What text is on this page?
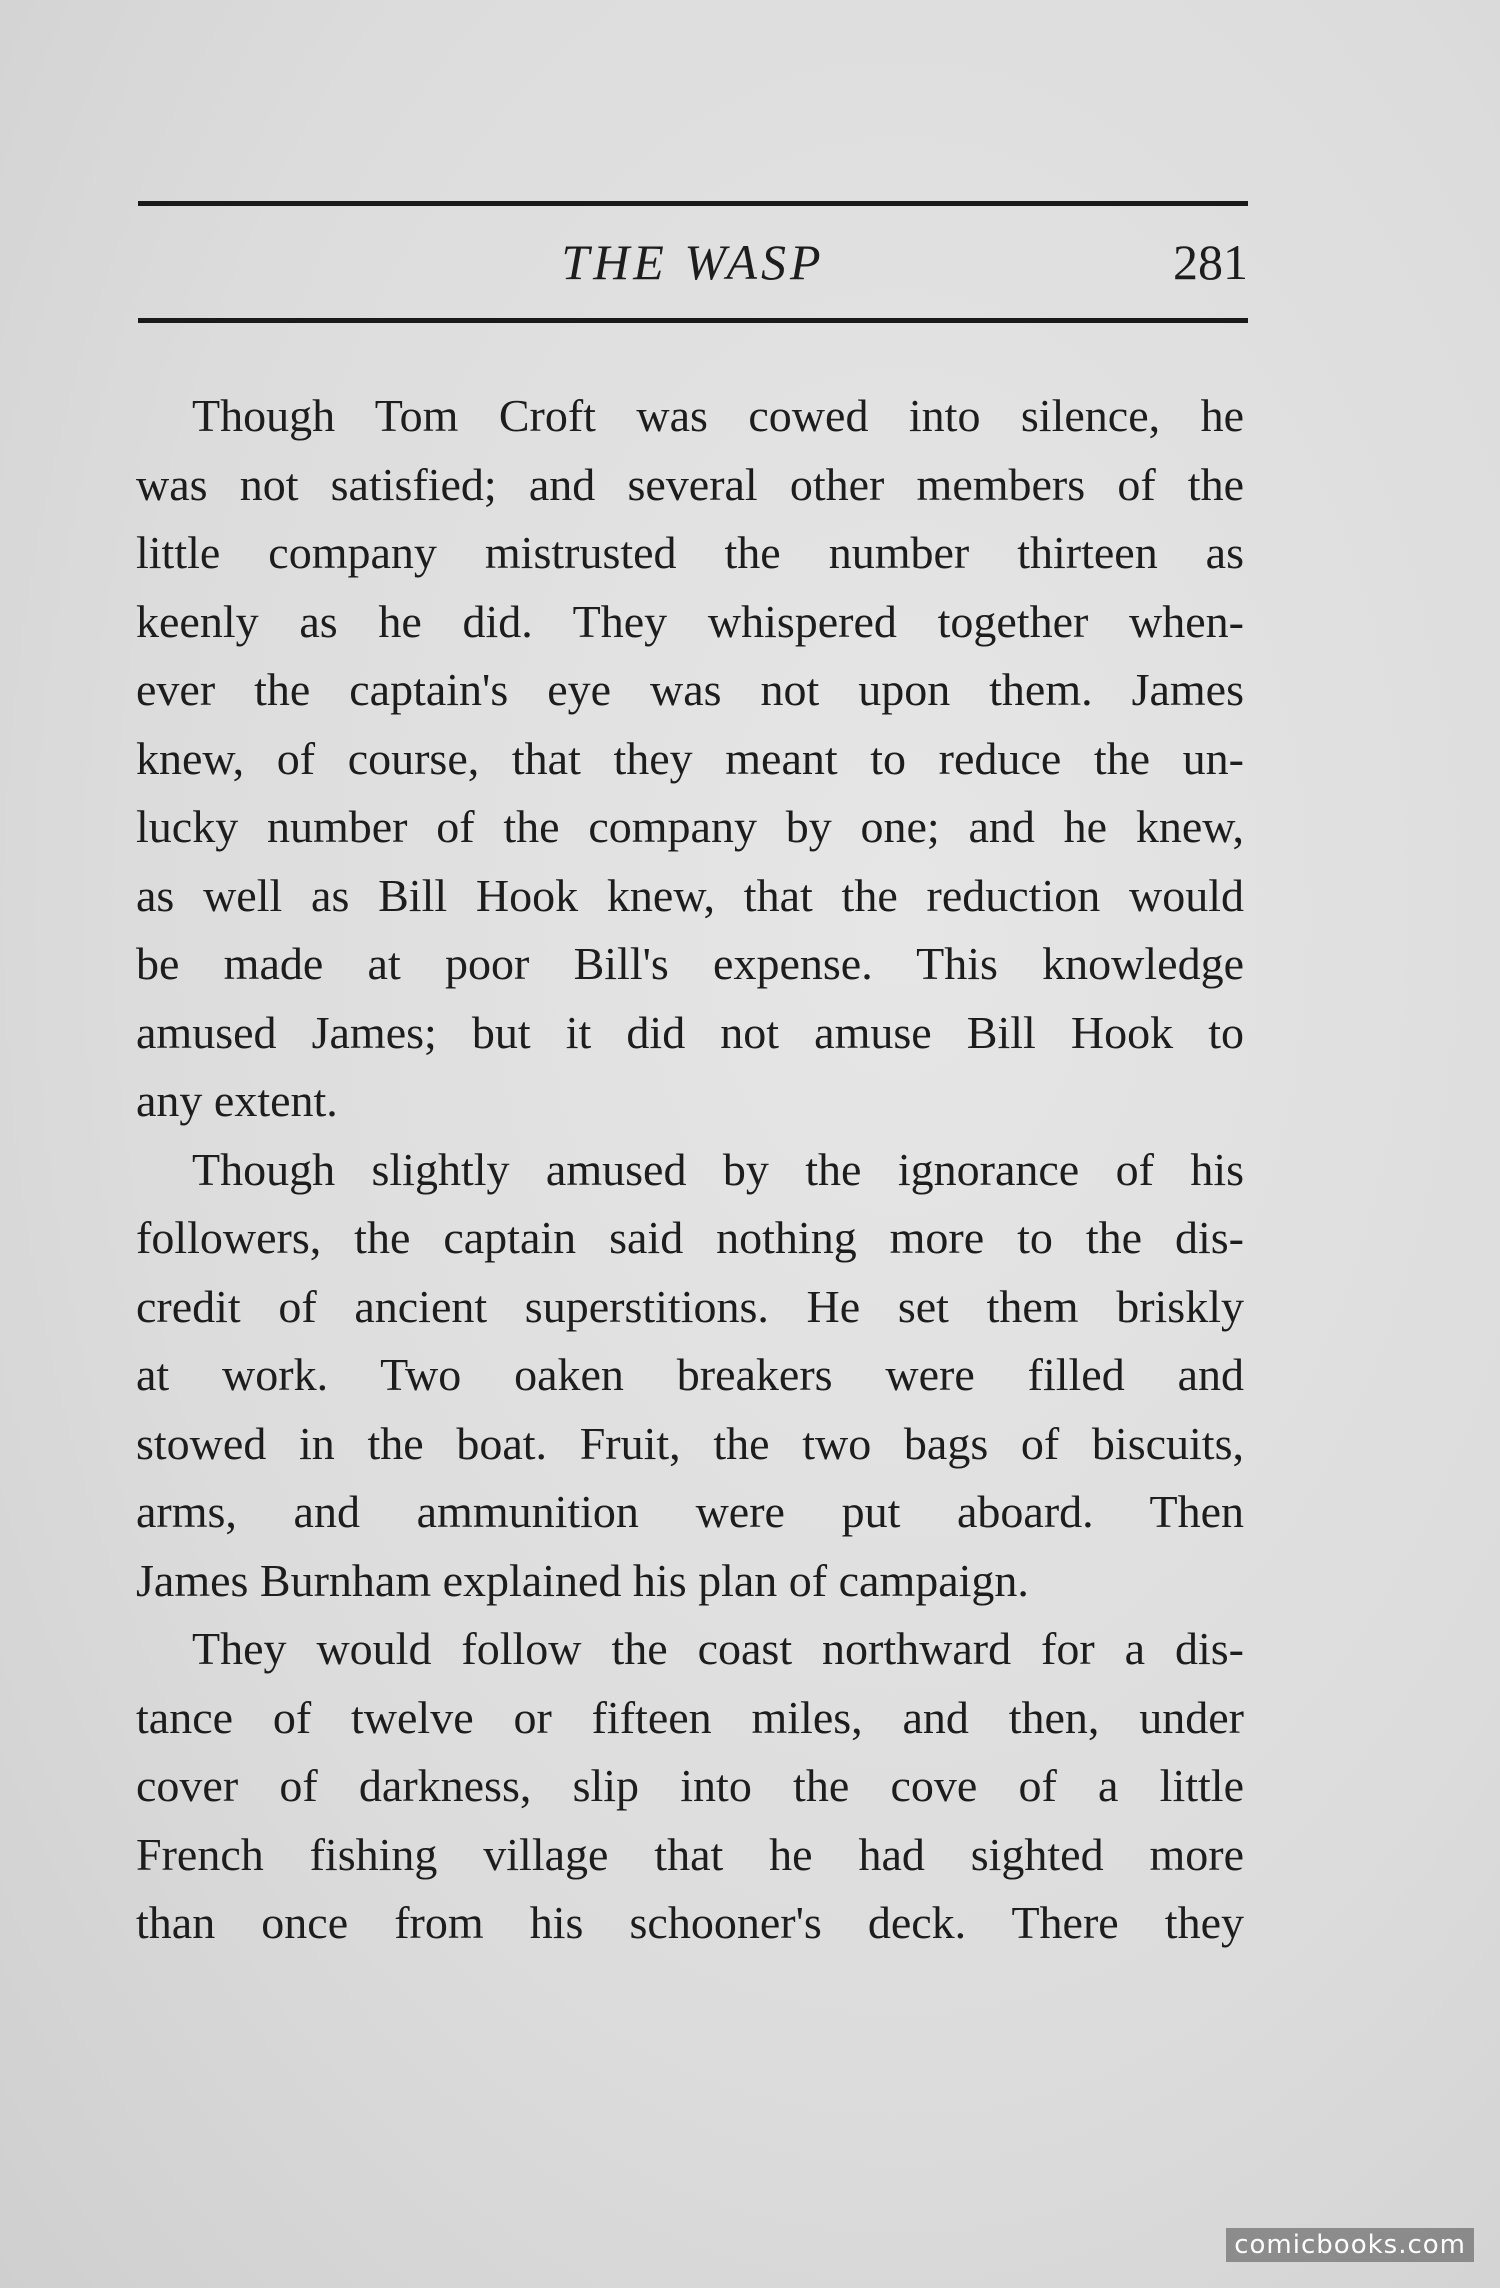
THE WASP	281
Though Tom Croft was cowed into silence, he
was not satisfied; and several other members of the
little company mistrusted the number thirteen as
keenly as he did. They whispered together when-
ever the captain's eye was not upon them. James
knew, of course, that they meant to reduce the un-
lucky number of the company by one; and he knew,
as well as Bill Hook knew, that the reduction would
be made at poor Bill's expense. This knowledge
amused James; but it did not amuse Bill Hook to
any extent.
Though slightly amused by the ignorance of his
followers, the captain said nothing more to the dis-
credit of ancient superstitions. He set them briskly
at work. Two oaken breakers were filled and
stowed in the boat. Fruit, the two bags of biscuits,
arms, and ammunition were put aboard. Then
James Burnham explained his plan of campaign.
They would follow the coast northward for a dis-
tance of twelve or fifteen miles, and then, under
cover of darkness, slip into the cove of a little
French fishing village that he had sighted more
than once from his schooner's deck. There they
comicbooks.com
